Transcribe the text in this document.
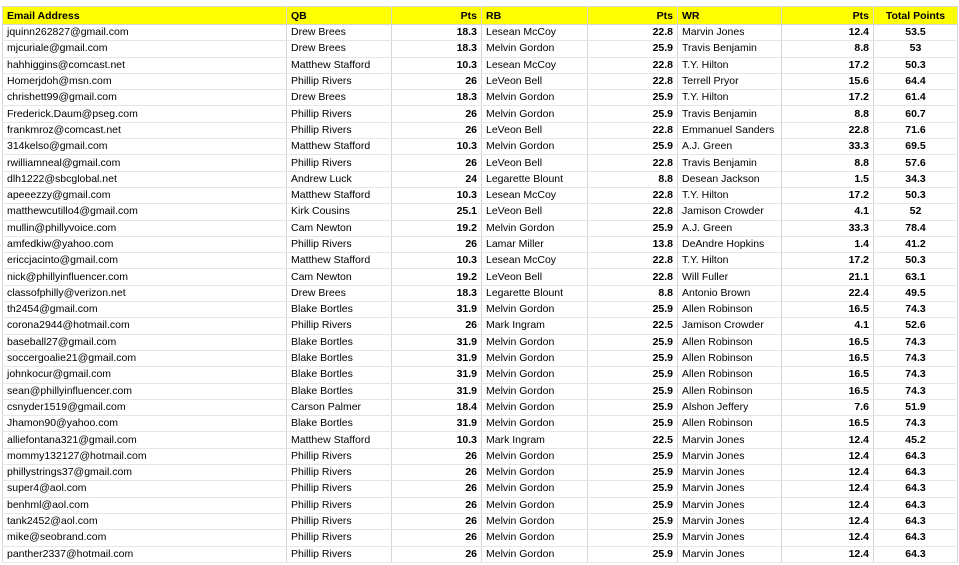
Email Address	QB	Pts	RB	Pts	WR	Pts	Total Points
jquinn262827@gmail.com	Drew Brees	18.3	Lesean McCoy	22.8	Marvin Jones	12.4	53.5
mjcuriale@gmail.com	Drew Brees	18.3	Melvin Gordon	25.9	Travis Benjamin	8.8	53
hahhiggins@comcast.net	Matthew Stafford	10.3	Lesean McCoy	22.8	T.Y. Hilton	17.2	50.3
Homerjdoh@msn.com	Phillip Rivers	26	LeVeon Bell	22.8	Terrell Pryor	15.6	64.4
chrishett99@gmail.com	Drew Brees	18.3	Melvin Gordon	25.9	T.Y. Hilton	17.2	61.4
Frederick.Daum@pseg.com	Phillip Rivers	26	Melvin Gordon	25.9	Travis Benjamin	8.8	60.7
frankmroz@comcast.net	Phillip Rivers	26	LeVeon Bell	22.8	Emmanuel Sanders	22.8	71.6
314kelso@gmail.com	Matthew Stafford	10.3	Melvin Gordon	25.9	A.J. Green	33.3	69.5
rwilliamneal@gmail.com	Phillip Rivers	26	LeVeon Bell	22.8	Travis Benjamin	8.8	57.6
dlh1222@sbcglobal.net	Andrew Luck	24	Legarette Blount	8.8	Desean Jackson	1.5	34.3
apeeezzy@gmail.com	Matthew Stafford	10.3	Lesean McCoy	22.8	T.Y. Hilton	17.2	50.3
matthewcutillo4@gmail.com	Kirk Cousins	25.1	LeVeon Bell	22.8	Jamison Crowder	4.1	52
mullin@phillyvoice.com	Cam Newton	19.2	Melvin Gordon	25.9	A.J. Green	33.3	78.4
amfedkiw@yahoo.com	Phillip Rivers	26	Lamar Miller	13.8	DeAndre Hopkins	1.4	41.2
ericcjacinto@gmail.com	Matthew Stafford	10.3	Lesean McCoy	22.8	T.Y. Hilton	17.2	50.3
nick@phillyinfluencer.com	Cam Newton	19.2	LeVeon Bell	22.8	Will Fuller	21.1	63.1
classofphilly@verizon.net	Drew Brees	18.3	Legarette Blount	8.8	Antonio Brown	22.4	49.5
th2454@gmail.com	Blake Bortles	31.9	Melvin Gordon	25.9	Allen Robinson	16.5	74.3
corona2944@hotmail.com	Phillip Rivers	26	Mark Ingram	22.5	Jamison Crowder	4.1	52.6
baseball27@gmail.com	Blake Bortles	31.9	Melvin Gordon	25.9	Allen Robinson	16.5	74.3
soccergoalie21@gmail.com	Blake Bortles	31.9	Melvin Gordon	25.9	Allen Robinson	16.5	74.3
johnkocur@gmail.com	Blake Bortles	31.9	Melvin Gordon	25.9	Allen Robinson	16.5	74.3
sean@phillyinfluencer.com	Blake Bortles	31.9	Melvin Gordon	25.9	Allen Robinson	16.5	74.3
csnyder1519@gmail.com	Carson Palmer	18.4	Melvin Gordon	25.9	Alshon Jeffery	7.6	51.9
Jhamon90@yahoo.com	Blake Bortles	31.9	Melvin Gordon	25.9	Allen Robinson	16.5	74.3
alliefontana321@gmail.com	Matthew Stafford	10.3	Mark Ingram	22.5	Marvin Jones	12.4	45.2
mommy132127@hotmail.com	Phillip Rivers	26	Melvin Gordon	25.9	Marvin Jones	12.4	64.3
phillystrings37@gmail.com	Phillip Rivers	26	Melvin Gordon	25.9	Marvin Jones	12.4	64.3
super4@aol.com	Phillip Rivers	26	Melvin Gordon	25.9	Marvin Jones	12.4	64.3
benhml@aol.com	Phillip Rivers	26	Melvin Gordon	25.9	Marvin Jones	12.4	64.3
tank2452@aol.com	Phillip Rivers	26	Melvin Gordon	25.9	Marvin Jones	12.4	64.3
mike@seobrand.com	Phillip Rivers	26	Melvin Gordon	25.9	Marvin Jones	12.4	64.3
panther2337@hotmail.com	Phillip Rivers	26	Melvin Gordon	25.9	Marvin Jones	12.4	64.3
